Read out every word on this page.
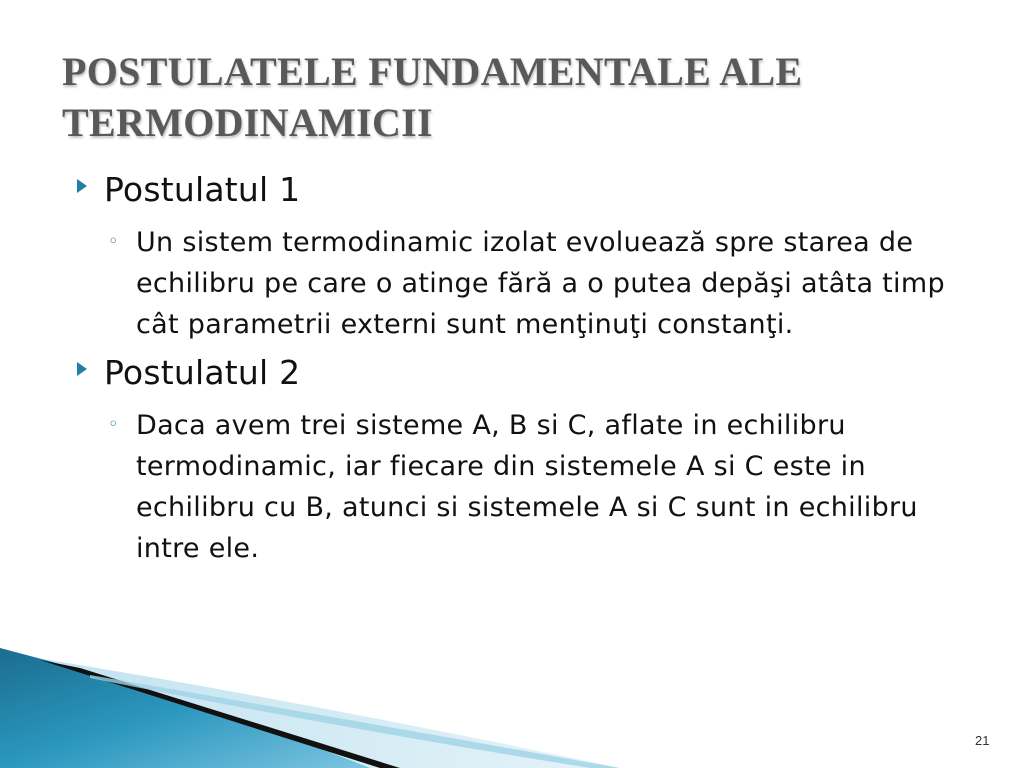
POSTULATELE FUNDAMENTALE ALE TERMODINAMICII
Postulatul 1
◦ Un sistem termodinamic izolat evoluează spre starea de echilibru pe care o atinge fără a o putea depăşi atâta timp cât parametrii externi sunt menţinuţi constanţi.
Postulatul 2
◦ Daca avem trei sisteme A, B si C, aflate in echilibru termodinamic, iar fiecare din sistemele A si C este in echilibru cu B, atunci si sistemele A si C sunt in echilibru intre ele.
21
